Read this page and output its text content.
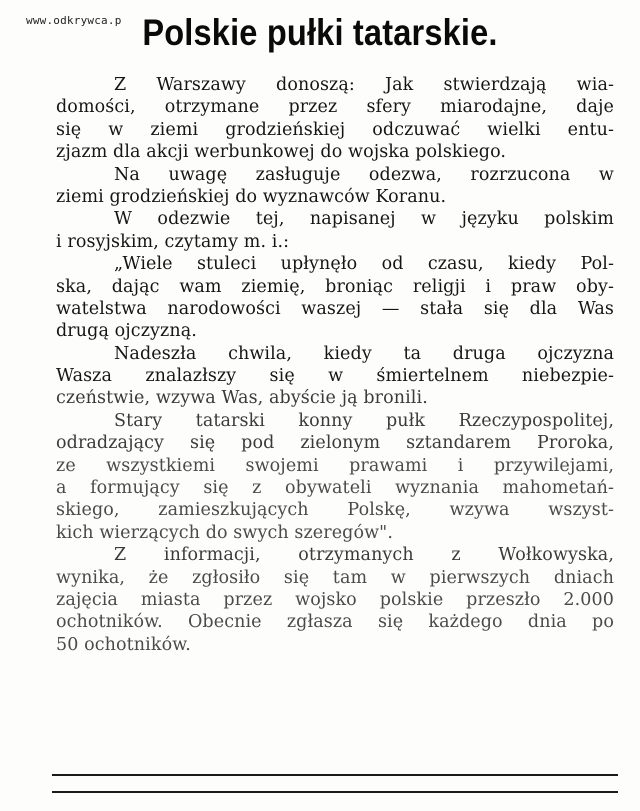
www.odkrywca.p Polskie pułki tatarskie.
Z Warszawy donoszą: Jak stwierdzają wia-
domości, otrzymane przez sfery miarodajne, daje
się w ziemi grodzieńskiej odczuwać wielki entu-
zjazm dla akcji werbunkowej do wojska polskiego.
Na uwagę zasługuje odezwa, rozrzucona w
ziemi grodzieńskiej do wyznawców Koranu.
W odezwie tej, napisanej w języku polskim
i rosyjskim, czytamy m. i.:
„Wiele stuleci upłynęło od czasu, kiedy Pol-
ska, dając wam ziemię, broniąc religji i praw oby-
watelstwa narodowości waszej — stała się dla Was
drugą ojczyzną.
Nadeszła chwila, kiedy ta druga ojczyzna
Wasza znalazłszy się w śmiertelnem niebezpie-
czeństwie, wzywa Was, abyście ją bronili.
Stary tatarski konny pułk Rzeczypospolitej,
odradzający się pod zielonym sztandarem Proroka,
ze wszystkiemi swojemi prawami i przywilejami,
a formujący się z obywateli wyznania mahometań-
skiego, zamieszkujących Polskę, wzywa wszyst-
kich wierzących do swych szeregów".
Z informacji, otrzymanych z Wołkowyska,
wynika, że zgłosiło się tam w pierwszych dniach
zajęcia miasta przez wojsko polskie przeszło 2.000
ochotników. Obecnie zgłasza się każdego dnia po
50 ochotników.
